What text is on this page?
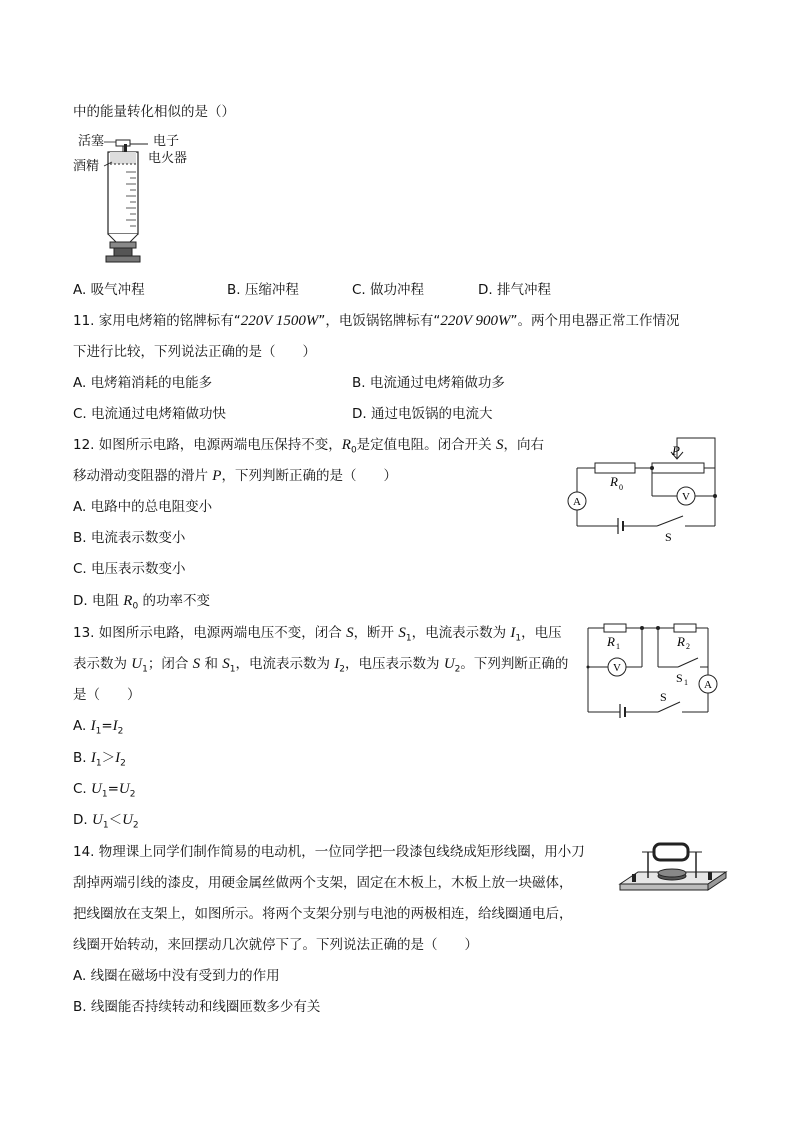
中的能量转化相似的是（）
活塞
酒精
电子
电火器
A. 吸气冲程	B. 压缩冲程	C. 做功冲程	D. 排气冲程
11. 家用电烤箱的铭牌标有“220V 1500W”，电饭锅铭牌标有“220V 900W”。两个用电器正常工作情况
下进行比较，下列说法正确的是（　　）
A. 电烤箱消耗的电能多	B. 电流通过电烤箱做功多
C. 电流通过电烤箱做功快	D. 通过电饭锅的电流大
12. 如图所示电路，电源两端电压保持不变，$R_0$是定值电阻。闭合开关 S，向右
移动滑动变阻器的滑片 P，下列判断正确的是（　　）
A. 电路中的总电阻变小
B. 电流表示数变小
C. 电压表示数变小
D. 电阻 $R_0$ 的功率不变
P
R 0
A	V
S
13. 如图所示电路，电源两端电压不变，闭合 S，断开 $S_1$，电流表示数为 $I_1$，电压
表示数为 $U_1$；闭合 S 和 $S_1$，电流表示数为 $I_2$，电压表示数为 $U_2$。下列判断正确的
是（　　）
A. $I_1=I_2$
B. $I_1>I_2$
C. $U_1=U_2$
D. $U_1<U_2$
R 1	R 2
V
A
S 1
S
14. 物理课上同学们制作简易的电动机，一位同学把一段漆包线绕成矩形线圈，用小刀
刮掉两端引线的漆皮，用硬金属丝做两个支架，固定在木板上，木板上放一块磁体，
把线圈放在支架上，如图所示。将两个支架分别与电池的两极相连，给线圈通电后，
线圈开始转动，来回摆动几次就停下了。下列说法正确的是（　　）
A. 线圈在磁场中没有受到力的作用
B. 线圈能否持续转动和线圈匝数多少有关
